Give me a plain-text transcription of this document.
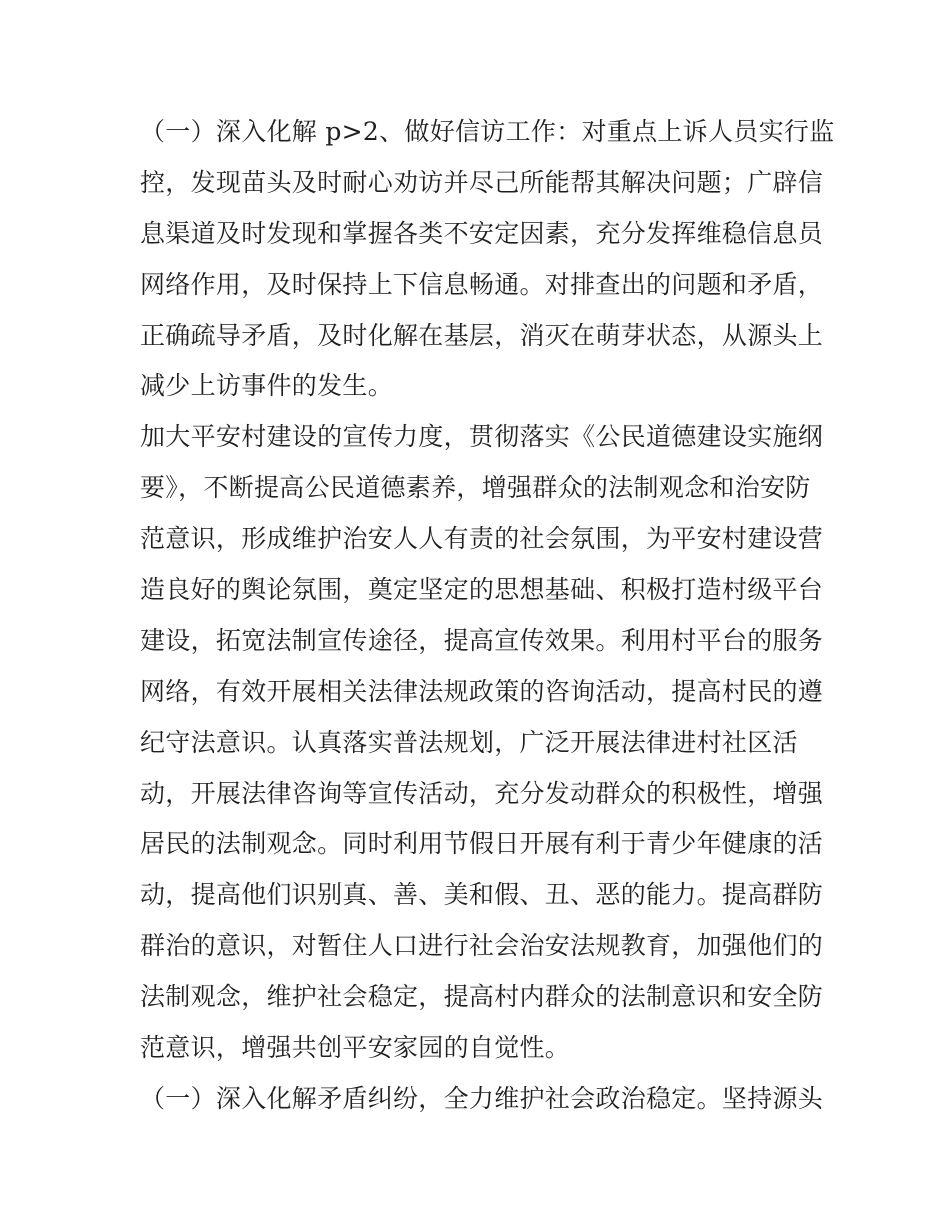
（一）深入化解 p>2、做好信访工作：对重点上诉人员实行监
控，发现苗头及时耐心劝访并尽己所能帮其解决问题；广辟信
息渠道及时发现和掌握各类不安定因素，充分发挥维稳信息员
网络作用，及时保持上下信息畅通。对排查出的问题和矛盾，
正确疏导矛盾，及时化解在基层，消灭在萌芽状态，从源头上
减少上访事件的发生。
加大平安村建设的宣传力度，贯彻落实《公民道德建设实施纲
要》，不断提高公民道德素养，增强群众的法制观念和治安防
范意识，形成维护治安人人有责的社会氛围，为平安村建设营
造良好的舆论氛围，奠定坚定的思想基础、积极打造村级平台
建设，拓宽法制宣传途径，提高宣传效果。利用村平台的服务
网络，有效开展相关法律法规政策的咨询活动，提高村民的遵
纪守法意识。认真落实普法规划，广泛开展法律进村社区活
动，开展法律咨询等宣传活动，充分发动群众的积极性，增强
居民的法制观念。同时利用节假日开展有利于青少年健康的活
动，提高他们识别真、善、美和假、丑、恶的能力。提高群防
群治的意识，对暂住人口进行社会治安法规教育，加强他们的
法制观念，维护社会稳定，提高村内群众的法制意识和安全防
范意识，增强共创平安家园的自觉性。
（一）深入化解矛盾纠纷，全力维护社会政治稳定。坚持源头
